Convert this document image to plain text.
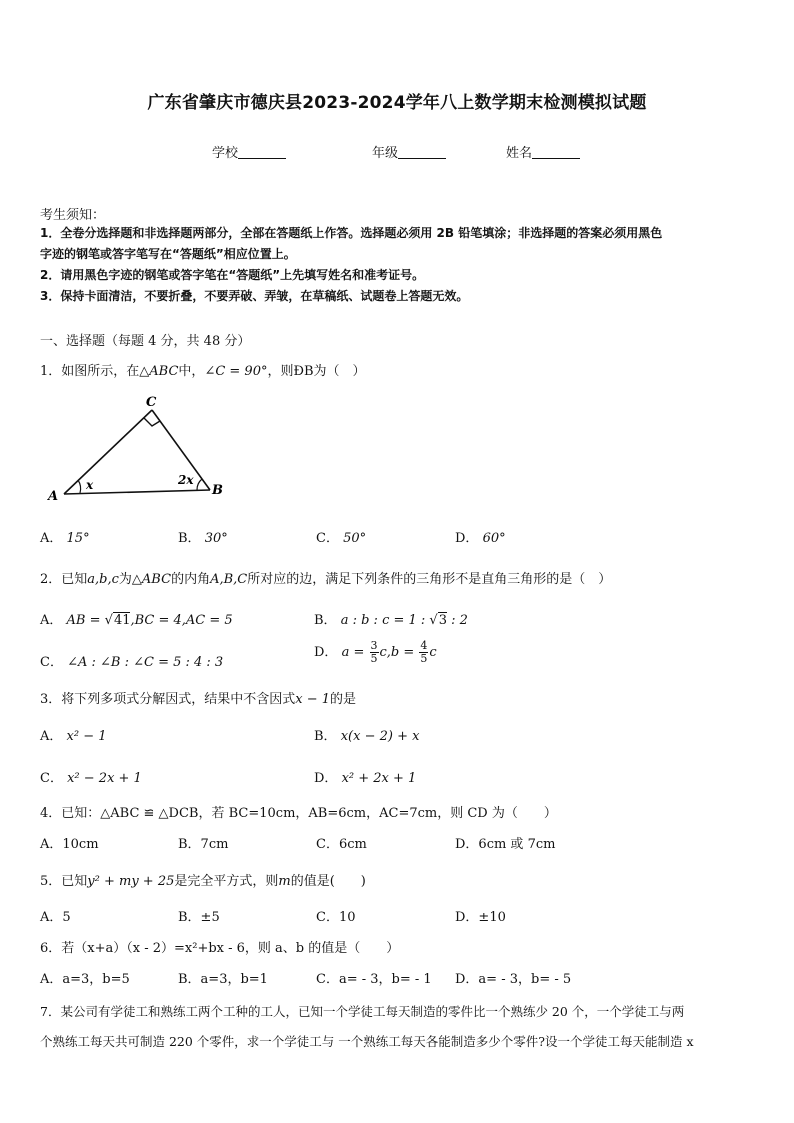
广东省肇庆市德庆县2023-2024学年八上数学期末检测模拟试题
学校	年级	姓名
考生须知：
1．全卷分选择题和非选择题两部分，全部在答题纸上作答。选择题必须用 2B 铅笔填涂；非选择题的答案必须用黑色
字迹的钢笔或答字笔写在“答题纸”相应位置上。
2．请用黑色字迹的钢笔或答字笔在“答题纸”上先填写姓名和准考证号。
3．保持卡面清洁，不要折叠，不要弄破、弄皱，在草稿纸、试题卷上答题无效。
一、选择题（每题 4 分，共 48 分）
1．如图所示，在△ABC中，∠C = 90°，则ÐB为（　）
C
A	B
x	2x
A． 15°	B． 30°	C． 50°	D． 60°
2．已知a,b,c为△ABC的内角A,B,C所对应的边，满足下列条件的三角形不是直角三角形的是（　）
A． AB = √41,BC = 4,AC = 5	B． a : b : c = 1 : √3 : 2
C． ∠A : ∠B : ∠C = 5 : 4 : 3
D． $a = \frac{3}{5} c,b = \frac{4}{5}$ c
3．将下列多项式分解因式，结果中不含因式x − 1的是
A． x² − 1	B． x(x − 2) + x
C． x² − 2x + 1	D． x² + 2x + 1
4．已知：△ABC ≌ △DCB，若 BC=10cm，AB=6cm，AC=7cm，则 CD 为（　　）
A．10cm	B．7cm	C．6cm	D．6cm 或 7cm
5．已知y² + my + 25是完全平方式，则m的值是(　　)
A．5	B．±5	C．10	D．±10
6．若（x+a）（x - 2）=x²+bx - 6，则 a、b 的值是（　　）
A．a=3，b=5	B．a=3，b=1	C．a= - 3，b= - 1 D．a= - 3，b= - 5
7．某公司有学徒工和熟练工两个工种的工人，已知一个学徒工每天制造的零件比一个熟练少 20 个，一个学徒工与两
个熟练工每天共可制造 220 个零件，求一个学徒工与 一个熟练工每天各能制造多少个零件?设一个学徒工每天能制造 x
